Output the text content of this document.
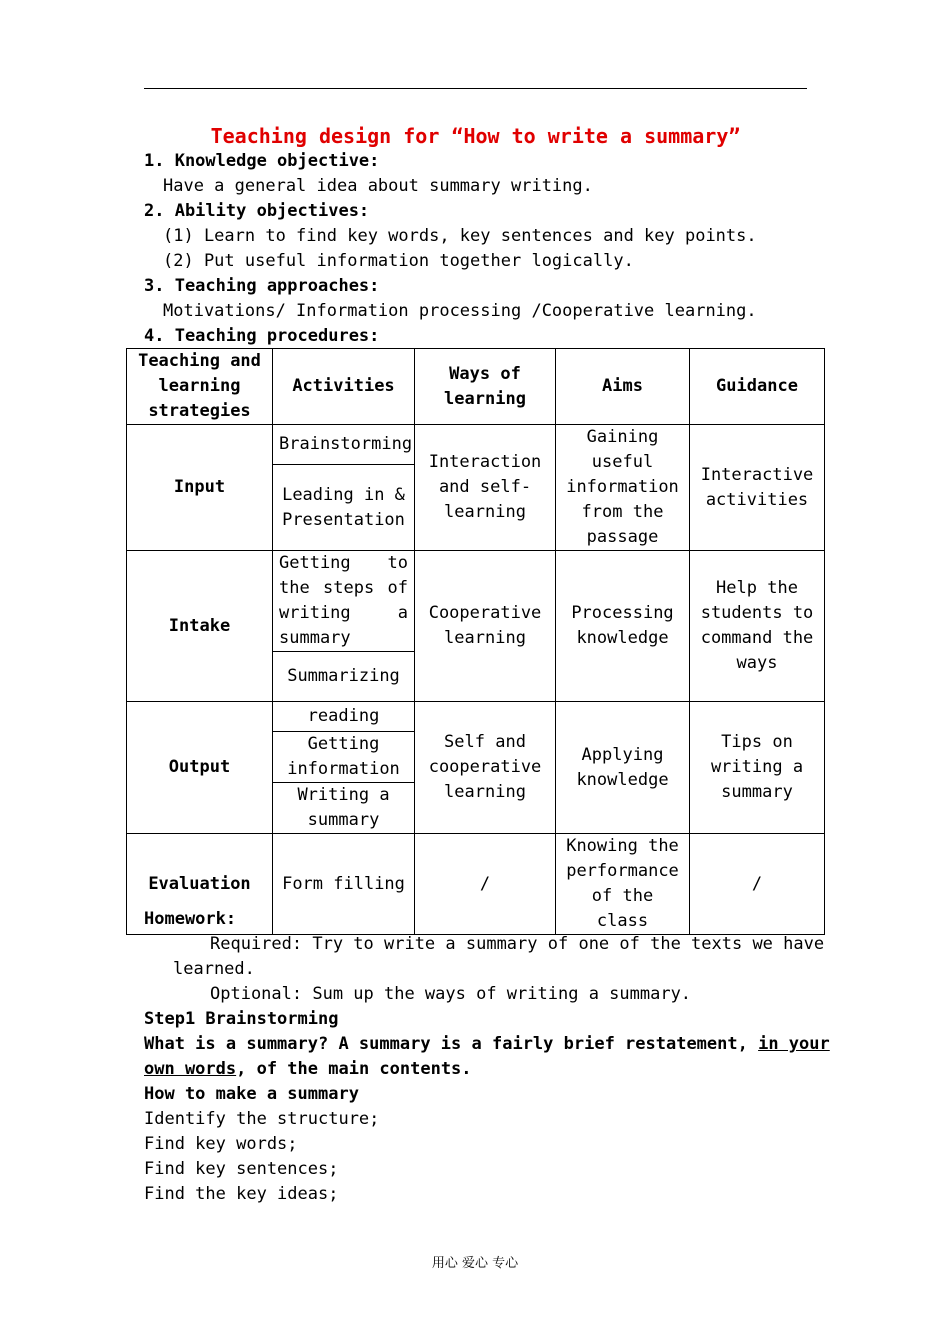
Teaching design for “How to write a summary”
1. Knowledge objective:
Have a general idea about summary writing.
2. Ability objectives:
(1) Learn to find key words, key sentences and key points.
(2) Put useful information together logically.
3. Teaching approaches:
Motivations/ Information processing /Cooperative learning.
4. Teaching procedures:
Teaching and learning strategies	Activities	Ways of learning	Aims	Guidance
Input	Brainstorming	Interaction and self-learning	Gaining useful information from the passage	Interactive activities
	Leading in & Presentation			
Intake	Getting to the steps of writing a summary	Cooperative learning	Processing knowledge	Help the students to command the ways
	Summarizing			
Output	reading	Self and cooperative learning	Applying knowledge	Tips on writing a summary
	Getting information			
	Writing a summary			
Evaluation	Form filling	/	Knowing the performance of the class	/
Homework:
Required: Try to write a summary of one of the texts we have
learned.
Optional: Sum up the ways of writing a summary.
Step1 Brainstorming
What is a summary? A summary is a fairly brief restatement, in your
own words, of the main contents.
How to make a summary
Identify the structure;
Find key words;
Find key sentences;
Find the key ideas;
用心 爱心 专心
